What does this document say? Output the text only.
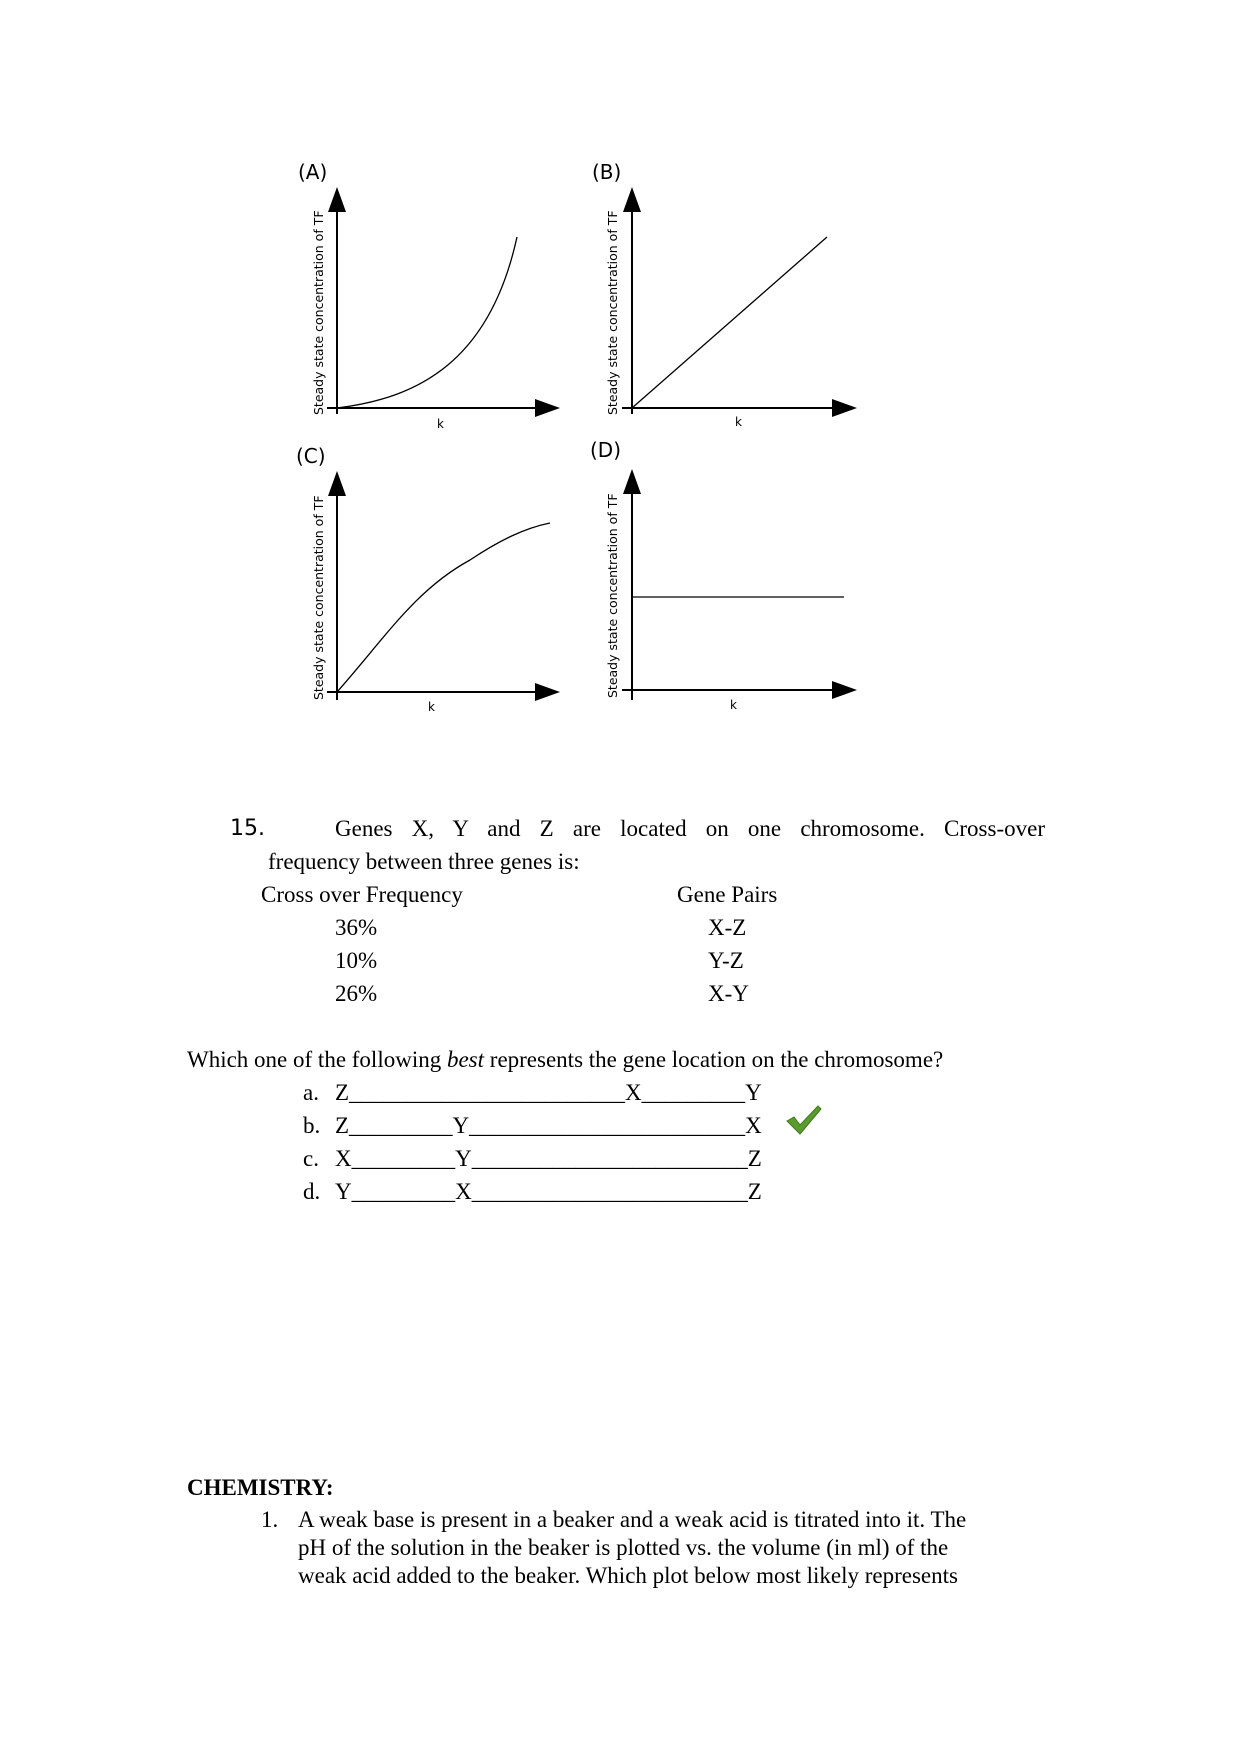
(A)
Steady state concentration of TF
k
(B)
Steady state concentration of TF
k
(C)
Steady state concentration of TF
k
(D)
Steady state concentration of TF
k
15.	Genes X, Y and Z are located on one chromosome. Cross-over
frequency between three genes is:
Cross over Frequency	Gene Pairs
36%	X-Z
10%	Y-Z
26%	X-Y
Which one of the following best represents the gene location on the chromosome?
a. Z________________________X_________Y
b. Z_________Y________________________X
c. X_________Y________________________Z
d. Y_________X________________________Z
CHEMISTRY:
1. A weak base is present in a beaker and a weak acid is titrated into it. The
pH of the solution in the beaker is plotted vs. the volume (in ml) of the
weak acid added to the beaker. Which plot below most likely represents
